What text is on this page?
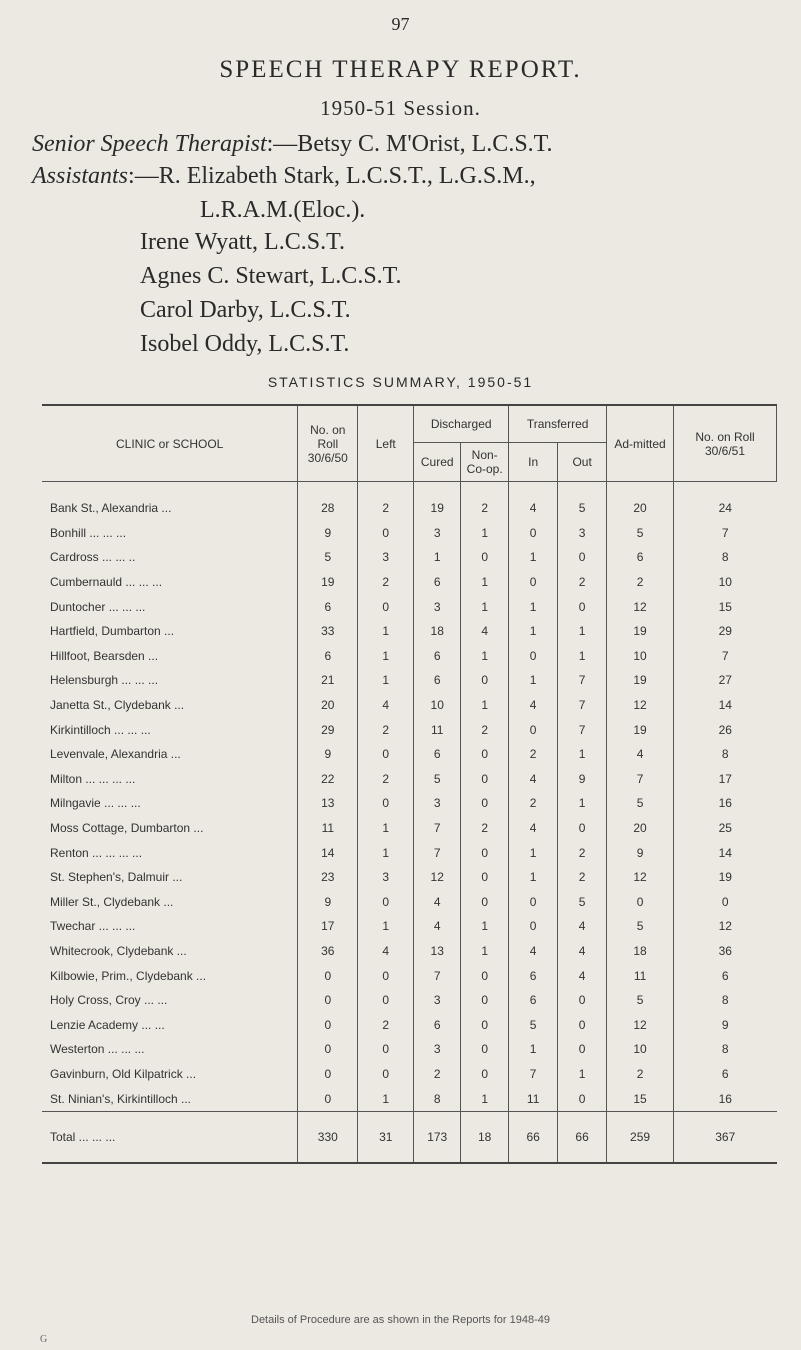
97
SPEECH THERAPY REPORT.
1950-51 Session.
Senior Speech Therapist:—Betsy C. M'Orist, L.C.S.T.
Assistants:—R. Elizabeth Stark, L.C.S.T., L.G.S.M.,
L.R.A.M.(Eloc.).
Irene Wyatt, L.C.S.T.
Agnes C. Stewart, L.C.S.T.
Carol Darby, L.C.S.T.
Isobel Oddy, L.C.S.T.
STATISTICS SUMMARY, 1950-51
CLINIC or SCHOOL	No. on Roll 30/6/50	Left	Discharged		Transferred		Ad-mitted	No. on Roll 30/6/51
			Cured	Non-Co-op.	In	Out		
Bank St., Alexandria ...	28	2	19	2	4	5	20	24
Bonhill ... ... ...	9	0	3	1	0	3	5	7
Cardross ... ... ..	5	3	1	0	1	0	6	8
Cumbernauld ... ... ...	19	2	6	1	0	2	2	10
Duntocher ... ... ...	6	0	3	1	1	0	12	15
Hartfield, Dumbarton ...	33	1	18	4	1	1	19	29
Hillfoot, Bearsden ...	6	1	6	1	0	1	10	7
Helensburgh ... ... ...	21	1	6	0	1	7	19	27
Janetta St., Clydebank ...	20	4	10	1	4	7	12	14
Kirkintilloch ... ... ...	29	2	11	2	0	7	19	26
Levenvale, Alexandria ...	9	0	6	0	2	1	4	8
Milton ... ... ... ...	22	2	5	0	4	9	7	17
Milngavie ... ... ...	13	0	3	0	2	1	5	16
Moss Cottage, Dumbarton ...	11	1	7	2	4	0	20	25
Renton ... ... ... ...	14	1	7	0	1	2	9	14
St. Stephen's, Dalmuir ...	23	3	12	0	1	2	12	19
Miller St., Clydebank ...	9	0	4	0	0	5	0	0
Twechar ... ... ...	17	1	4	1	0	4	5	12
Whitecrook, Clydebank ...	36	4	13	1	4	4	18	36
Kilbowie, Prim., Clydebank ...	0	0	7	0	6	4	11	6
Holy Cross, Croy ... ...	0	0	3	0	6	0	5	8
Lenzie Academy ... ...	0	2	6	0	5	0	12	9
Westerton ... ... ...	0	0	3	0	1	0	10	8
Gavinburn, Old Kilpatrick ...	0	0	2	0	7	1	2	6
St. Ninian's, Kirkintilloch ...	0	1	8	1	11	0	15	16
Total ... ... ...	330	31	173	18	66	66	259	367
Details of Procedure are as shown in the Reports for 1948-49
G
